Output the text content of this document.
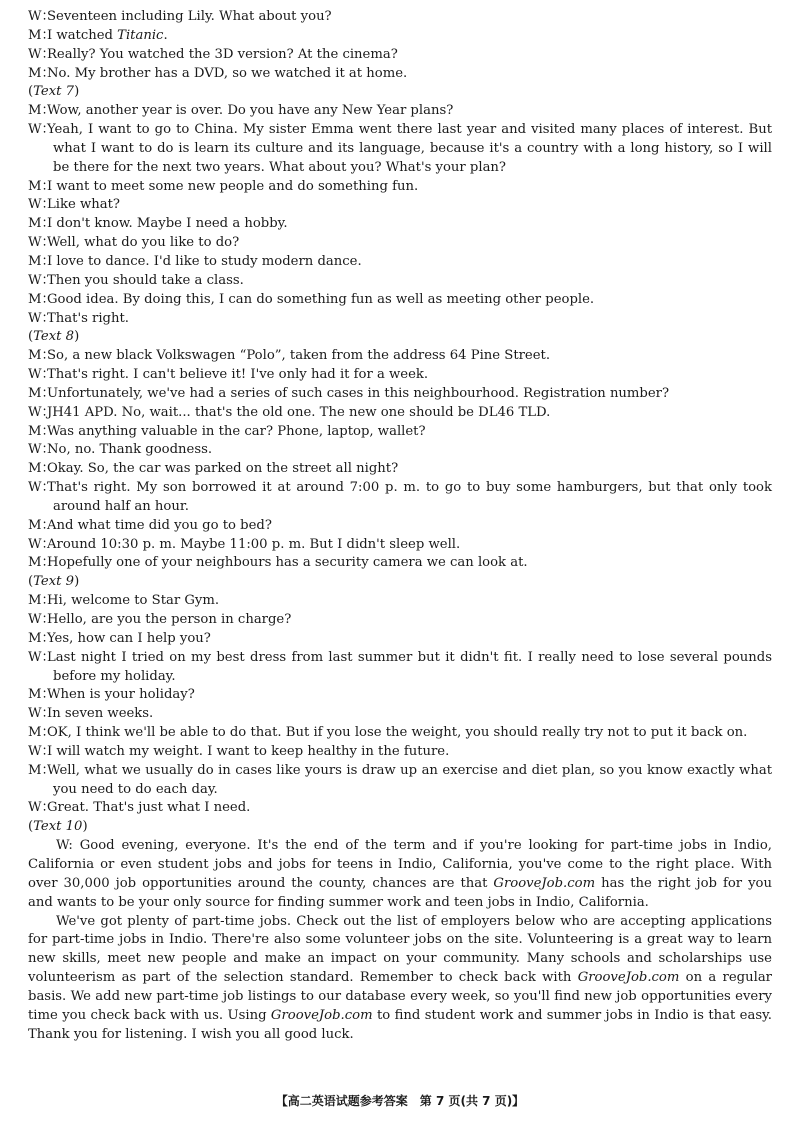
W：Seventeen including Lily. What about you?
M：I watched Titanic.
W：Really? You watched the 3D version? At the cinema?
M：No. My brother has a DVD, so we watched it at home.
(Text 7)
M：Wow, another year is over. Do you have any New Year plans?
W：Yeah, I want to go to China. My sister Emma went there last year and visited many places of interest. But what I want to do is learn its culture and its language, because it's a country with a long history, so I will be there for the next two years. What about you? What's your plan?
M：I want to meet some new people and do something fun.
W：Like what?
M：I don't know. Maybe I need a hobby.
W：Well, what do you like to do?
M：I love to dance. I'd like to study modern dance.
W：Then you should take a class.
M：Good idea. By doing this, I can do something fun as well as meeting other people.
W：That's right.
(Text 8)
M：So, a new black Volkswagen “Polo”, taken from the address 64 Pine Street.
W：That's right. I can't believe it! I've only had it for a week.
M：Unfortunately, we've had a series of such cases in this neighbourhood. Registration number?
W：JH41 APD. No, wait... that's the old one. The new one should be DL46 TLD.
M：Was anything valuable in the car? Phone, laptop, wallet?
W：No, no. Thank goodness.
M：Okay. So, the car was parked on the street all night?
W：That's right. My son borrowed it at around 7:00 p. m. to go to buy some hamburgers, but that only took around half an hour.
M：And what time did you go to bed?
W：Around 10:30 p. m. Maybe 11:00 p. m. But I didn't sleep well.
M：Hopefully one of your neighbours has a security camera we can look at.
(Text 9)
M：Hi, welcome to Star Gym.
W：Hello, are you the person in charge?
M：Yes, how can I help you?
W：Last night I tried on my best dress from last summer but it didn't fit. I really need to lose several pounds before my holiday.
M：When is your holiday?
W：In seven weeks.
M：OK, I think we'll be able to do that. But if you lose the weight, you should really try not to put it back on.
W：I will watch my weight. I want to keep healthy in the future.
M：Well, what we usually do in cases like yours is draw up an exercise and diet plan, so you know exactly what you need to do each day.
W：Great. That's just what I need.
(Text 10)
W: Good evening, everyone. It's the end of the term and if you're looking for part-time jobs in Indio, California or even student jobs and jobs for teens in Indio, California, you've come to the right place. With over 30,000 job opportunities around the county, chances are that GrooveJob.com has the right job for you and wants to be your only source for finding summer work and teen jobs in Indio, California.
We've got plenty of part-time jobs. Check out the list of employers below who are accepting applications for part-time jobs in Indio. There're also some volunteer jobs on the site. Volunteering is a great way to learn new skills, meet new people and make an impact on your community. Many schools and scholarships use volunteerism as part of the selection standard. Remember to check back with GrooveJob.com on a regular basis. We add new part-time job listings to our database every week, so you'll find new job opportunities every time you check back with us. Using GrooveJob.com to find student work and summer jobs in Indio is that easy. Thank you for listening. I wish you all good luck.
【高二英语试题参考答案　第 7 页(共 7 页)】
